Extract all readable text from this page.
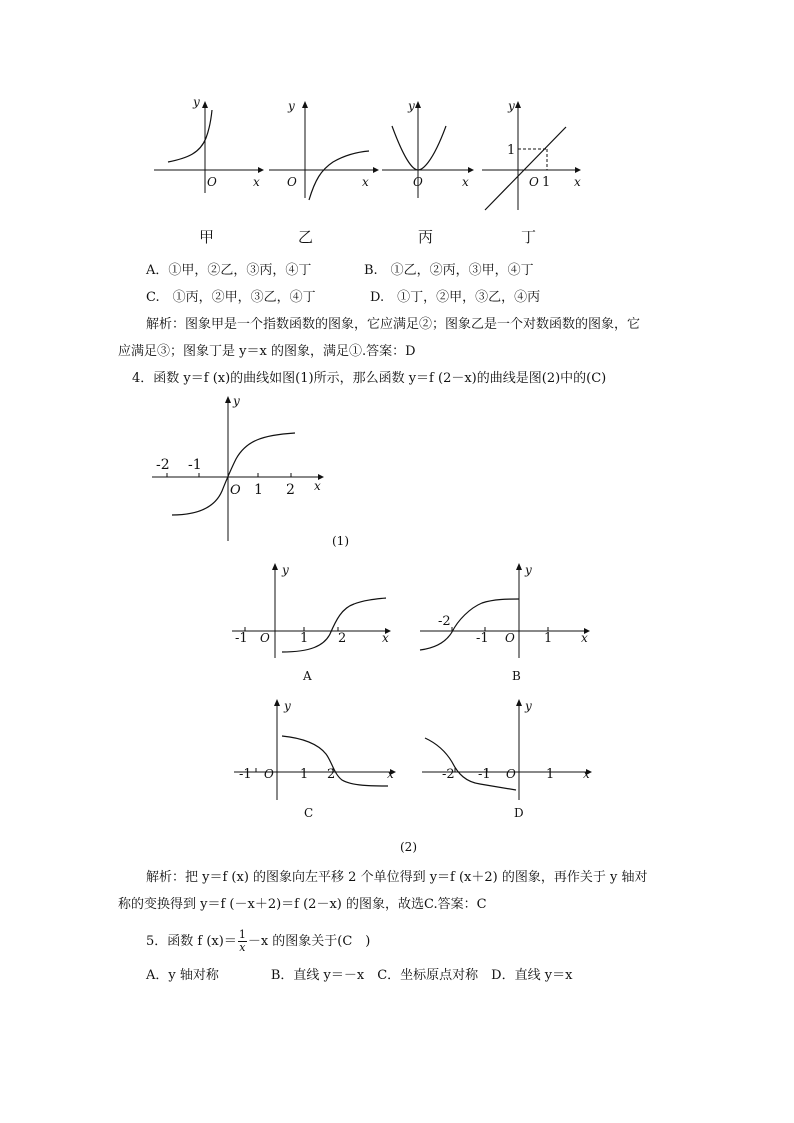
y
O	x
甲
y
O	x
乙
y
O	x
丙
y
1
O 1 x
丁
A．①甲，②乙，③丙，④丁	B.　①乙，②丙，③甲，④丁
C.　①丙，②甲，③乙，④丁	D.　①丁，②甲，③乙，④丙
解析：图象甲是一个指数函数的图象，它应满足②；图象乙是一个对数函数的图象，它
应满足③；图象丁是 y＝x 的图象，满足①.答案：D
4．函数 y＝f (x)的曲线如图(1)所示，那么函数 y＝f (2－x)的曲线是图(2)中的(C)
y
-2 -1
O 1 2 x
(1)
y
-1 O 1 2	x
A
y
-2
-1 O 1 x
B
y
-1 O 1 2	x
C
y
-2 -1 O 1 x
D
(2)
解析：把 y＝f (x) 的图象向左平移 2 个单位得到 y＝f (x＋2) 的图象，再作关于 y 轴对
称的变换得到 y＝f (－x＋2)＝f (2－x) 的图象，故选C.答案：C
5．函数 f $(x)= \frac{1}{x} -x$ 的图象关于(C　)
A．y 轴对称　　　　B．直线 y＝－x　C．坐标原点对称　D．直线 y＝x
